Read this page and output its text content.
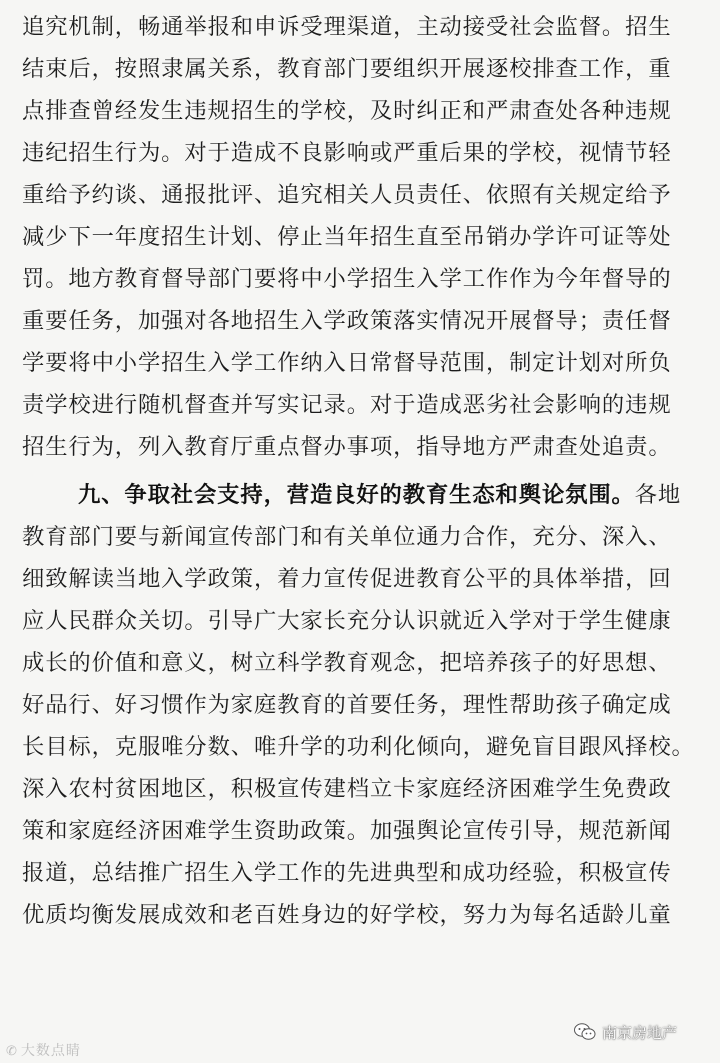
追究机制，畅通举报和申诉受理渠道，主动接受社会监督。招生
结束后，按照隶属关系，教育部门要组织开展逐校排查工作，重
点排查曾经发生违规招生的学校，及时纠正和严肃查处各种违规
违纪招生行为。对于造成不良影响或严重后果的学校，视情节轻
重给予约谈、通报批评、追究相关人员责任、依照有关规定给予
减少下一年度招生计划、停止当年招生直至吊销办学许可证等处
罚。地方教育督导部门要将中小学招生入学工作作为今年督导的
重要任务，加强对各地招生入学政策落实情况开展督导；责任督
学要将中小学招生入学工作纳入日常督导范围，制定计划对所负
责学校进行随机督查并写实记录。对于造成恶劣社会影响的违规
招生行为，列入教育厅重点督办事项，指导地方严肃查处追责。
九、争取社会支持，营造良好的教育生态和舆论氛围。各地
教育部门要与新闻宣传部门和有关单位通力合作，充分、深入、
细致解读当地入学政策，着力宣传促进教育公平的具体举措，回
应人民群众关切。引导广大家长充分认识就近入学对于学生健康
成长的价值和意义，树立科学教育观念，把培养孩子的好思想、
好品行、好习惯作为家庭教育的首要任务，理性帮助孩子确定成
长目标，克服唯分数、唯升学的功利化倾向，避免盲目跟风择校。
深入农村贫困地区，积极宣传建档立卡家庭经济困难学生免费政
策和家庭经济困难学生资助政策。加强舆论宣传引导，规范新闻
报道，总结推广招生入学工作的先进典型和成功经验，积极宣传
优质均衡发展成效和老百姓身边的好学校，努力为每名适龄儿童
✆ 大数点睛
南京房地产
